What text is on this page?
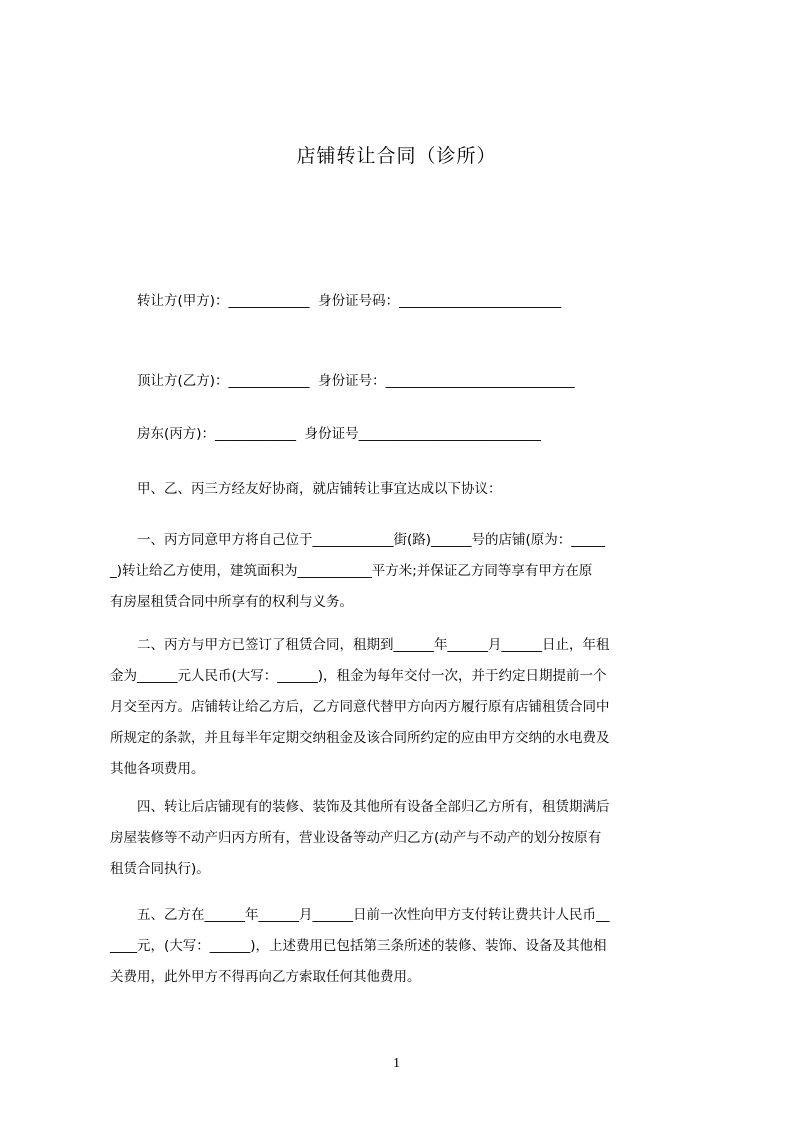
店铺转让合同（诊所）
转让方(甲方)：____________  身份证号码：________________________
顶让方(乙方)：____________  身份证号：____________________________
房东(丙方)：____________  身份证号___________________________
甲、乙、丙三方经友好协商，就店铺转让事宜达成以下协议：
一、丙方同意甲方将自己位于____________街(路)______号的店铺(原为：_____
_)转让给乙方使用，建筑面积为___________平方米;并保证乙方同等享有甲方在原
有房屋租赁合同中所享有的权利与义务。
二、丙方与甲方已签订了租赁合同，租期到______年______月______日止，年租
金为______元人民币(大写：______)，租金为每年交付一次，并于约定日期提前一个
月交至丙方。店铺转让给乙方后，乙方同意代替甲方向丙方履行原有店铺租赁合同中
所规定的条款，并且每半年定期交纳租金及该合同所约定的应由甲方交纳的水电费及
其他各项费用。
四、转让后店铺现有的装修、装饰及其他所有设备全部归乙方所有，租赁期满后
房屋装修等不动产归丙方所有，营业设备等动产归乙方(动产与不动产的划分按原有
租赁合同执行)。
五、乙方在______年______月______日前一次性向甲方支付转让费共计人民币__
____元，(大写：______)，上述费用已包括第三条所述的装修、装饰、设备及其他相
关费用，此外甲方不得再向乙方索取任何其他费用。
1
